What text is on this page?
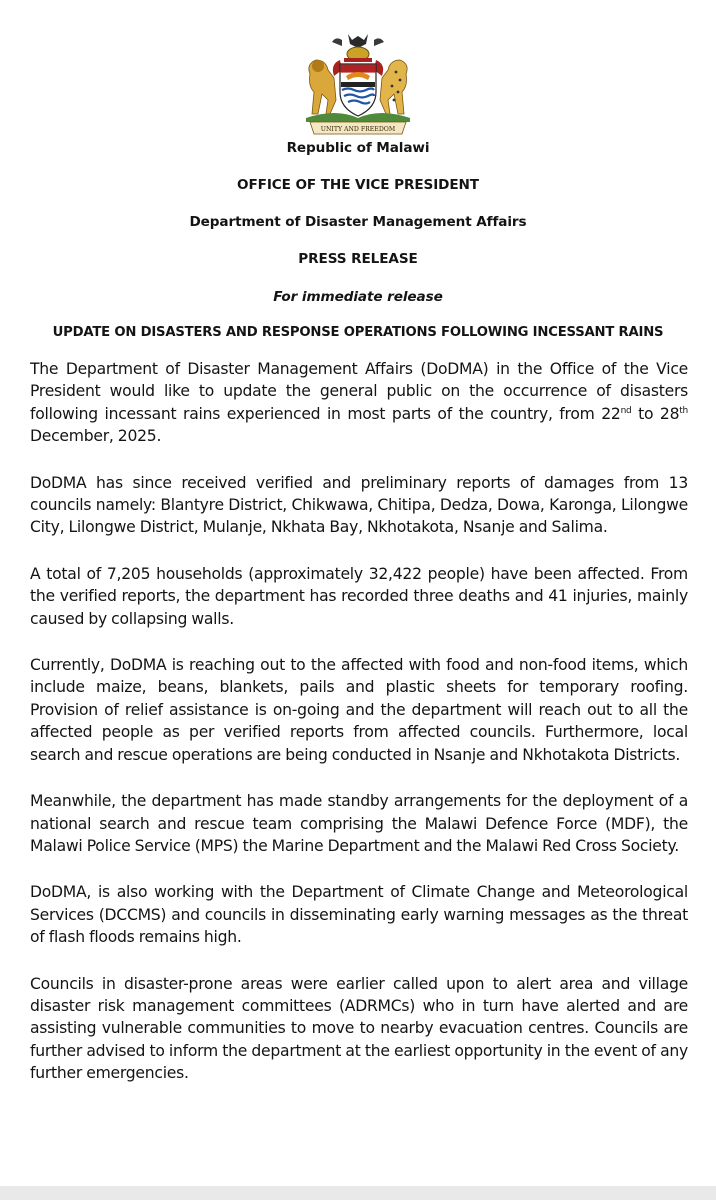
UNITY AND FREEDOM
Republic of Malawi
OFFICE OF THE VICE PRESIDENT
Department of Disaster Management Affairs
PRESS RELEASE
For immediate release
UPDATE ON DISASTERS AND RESPONSE OPERATIONS FOLLOWING INCESSANT RAINS

The Department of Disaster Management Affairs (DoDMA) in the Office of the Vice President would like to update the general public on the occurrence of disasters following incessant rains experienced in most parts of the country, from 22nd to 28th December, 2025.

DoDMA has since received verified and preliminary reports of damages from 13 councils namely: Blantyre District, Chikwawa, Chitipa, Dedza, Dowa, Karonga, Lilongwe City, Lilongwe District, Mulanje, Nkhata Bay, Nkhotakota, Nsanje and Salima.

A total of 7,205 households (approximately 32,422 people) have been affected. From the verified reports, the department has recorded three deaths and 41 injuries, mainly caused by collapsing walls.

Currently, DoDMA is reaching out to the affected with food and non-food items, which include maize, beans, blankets, pails and plastic sheets for temporary roofing. Provision of relief assistance is on-going and the department will reach out to all the affected people as per verified reports from affected councils. Furthermore, local search and rescue operations are being conducted in Nsanje and Nkhotakota Districts.

Meanwhile, the department has made standby arrangements for the deployment of a national search and rescue team comprising the Malawi Defence Force (MDF), the Malawi Police Service (MPS) the Marine Department and the Malawi Red Cross Society.

DoDMA, is also working with the Department of Climate Change and Meteorological Services (DCCMS) and councils in disseminating early warning messages as the threat of flash floods remains high.

Councils in disaster-prone areas were earlier called upon to alert area and village disaster risk management committees (ADRMCs) who in turn have alerted and are assisting vulnerable communities to move to nearby evacuation centres. Councils are further advised to inform the department at the earliest opportunity in the event of any further emergencies.
